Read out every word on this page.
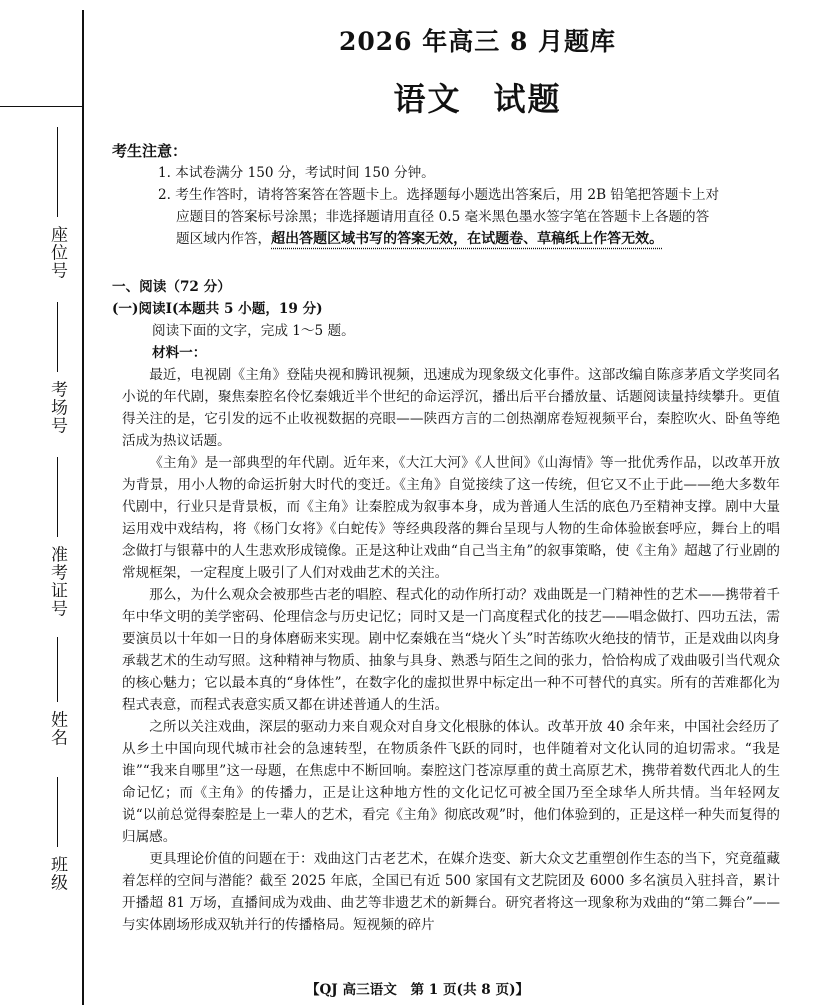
座位号
考场号
准考证号
姓名
班级
2026 年高三 8 月题库
语文 试题

考生注意：

1. 本试卷满分 150 分，考试时间 150 分钟。

2. 考生作答时，请将答案答在答题卡上。选择题每小题选出答案后，用 2B 铅笔把答题卡上对

应题目的答案标号涂黑；非选择题请用直径 0.5 毫米黑色墨水签字笔在答题卡上各题的答

题区域内作答，超出答题区域书写的答案无效，在试题卷、草稿纸上作答无效。

一、阅读（72 分）

(一)阅读Ⅰ(本题共 5 小题，19 分)

阅读下面的文字，完成 1～5 题。

材料一：

最近，电视剧《主角》登陆央视和腾讯视频，迅速成为现象级文化事件。这部改编自陈彦茅盾文学奖同名小说的年代剧，聚焦秦腔名伶忆秦娥近半个世纪的命运浮沉，播出后平台播放量、话题阅读量持续攀升。更值得关注的是，它引发的远不止收视数据的亮眼——陕西方言的二创热潮席卷短视频平台，秦腔吹火、卧鱼等绝活成为热议话题。

《主角》是一部典型的年代剧。近年来，《大江大河》《人世间》《山海情》等一批优秀作品，以改革开放为背景，用小人物的命运折射大时代的变迁。《主角》自觉接续了这一传统，但它又不止于此——绝大多数年代剧中，行业只是背景板，而《主角》让秦腔成为叙事本身，成为普通人生活的底色乃至精神支撑。剧中大量运用戏中戏结构，将《杨门女将》《白蛇传》等经典段落的舞台呈现与人物的生命体验嵌套呼应，舞台上的唱念做打与银幕中的人生悲欢形成镜像。正是这种让戏曲“自己当主角”的叙事策略，使《主角》超越了行业剧的常规框架，一定程度上吸引了人们对戏曲艺术的关注。

那么，为什么观众会被那些古老的唱腔、程式化的动作所打动？戏曲既是一门精神性的艺术——携带着千年中华文明的美学密码、伦理信念与历史记忆；同时又是一门高度程式化的技艺——唱念做打、四功五法，需要演员以十年如一日的身体磨砺来实现。剧中忆秦娥在当“烧火丫头”时苦练吹火绝技的情节，正是戏曲以肉身承载艺术的生动写照。这种精神与物质、抽象与具身、熟悉与陌生之间的张力，恰恰构成了戏曲吸引当代观众的核心魅力；它以最本真的“身体性”，在数字化的虚拟世界中标定出一种不可替代的真实。所有的苦难都化为程式表意，而程式表意实质又都在讲述普通人的生活。

之所以关注戏曲，深层的驱动力来自观众对自身文化根脉的体认。改革开放 40 余年来，中国社会经历了从乡土中国向现代城市社会的急速转型，在物质条件飞跃的同时，也伴随着对文化认同的迫切需求。“我是谁”“我来自哪里”这一母题，在焦虑中不断回响。秦腔这门苍凉厚重的黄土高原艺术，携带着数代西北人的生命记忆；而《主角》的传播力，正是让这种地方性的文化记忆可被全国乃至全球华人所共情。当年轻网友说“以前总觉得秦腔是上一辈人的艺术，看完《主角》彻底改观”时，他们体验到的，正是这样一种失而复得的归属感。

更具理论价值的问题在于：戏曲这门古老艺术，在媒介迭变、新大众文艺重塑创作生态的当下，究竟蕴藏着怎样的空间与潜能？截至 2025 年底，全国已有近 500 家国有文艺院团及 6000 多名演员入驻抖音，累计开播超 81 万场，直播间成为戏曲、曲艺等非遗艺术的新舞台。研究者将这一现象称为戏曲的“第二舞台”——与实体剧场形成双轨并行的传播格局。短视频的碎片

【QJ 高三语文　第 1 页(共 8 页)】
